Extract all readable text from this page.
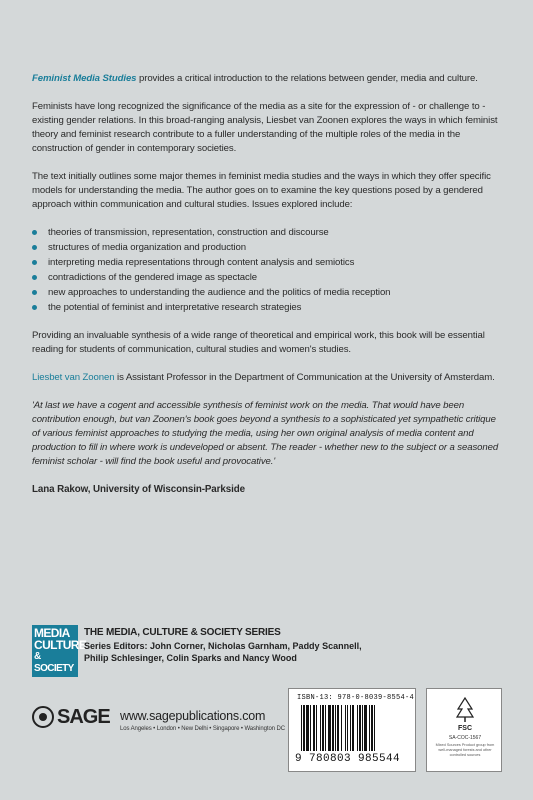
Feminist Media Studies provides a critical introduction to the relations between gender, media and culture.

Feminists have long recognized the significance of the media as a site for the expression of - or challenge to - existing gender relations. In this broad-ranging analysis, Liesbet van Zoonen explores the ways in which feminist theory and feminist research contribute to a fuller understanding of the multiple roles of the media in the construction of gender in contemporary societies.

The text initially outlines some major themes in feminist media studies and the ways in which they offer specific models for understanding the media. The author goes on to examine the key questions posed by a gendered approach within communication and cultural studies. Issues explored include:

theories of transmission, representation, construction and discourse
structures of media organization and production
interpreting media representations through content analysis and semiotics
contradictions of the gendered image as spectacle
new approaches to understanding the audience and the politics of media reception
the potential of feminist and interpretative research strategies

Providing an invaluable synthesis of a wide range of theoretical and empirical work, this book will be essential reading for students of communication, cultural studies and women's studies.

Liesbet van Zoonen is Assistant Professor in the Department of Communication at the University of Amsterdam.

'At last we have a cogent and accessible synthesis of feminist work on the media. That would have been contribution enough, but van Zoonen's book goes beyond a synthesis to a sophisticated yet sympathetic critique of various feminist approaches to studying the media, using her own original analysis of media content and production to fill in where work is undeveloped or absent. The reader - whether new to the subject or a seasoned feminist scholar - will find the book useful and provocative.'

Lana Rakow, University of Wisconsin-Parkside
MEDIA
CULTURE
& SOCIETY
THE MEDIA, CULTURE & SOCIETY SERIES
Series Editors: John Corner, Nicholas Garnham, Paddy Scannell, Philip Schlesinger, Colin Sparks and Nancy Wood
SAGE www.sagepublications.com
Los Angeles • London • New Delhi • Singapore • Washington DC
ISBN-13: 978-0-8039-8554-4
9 780803 985544
FSC
SA-COC-1567
Mixed Sources Product group from well-managed forests and other controlled sources
